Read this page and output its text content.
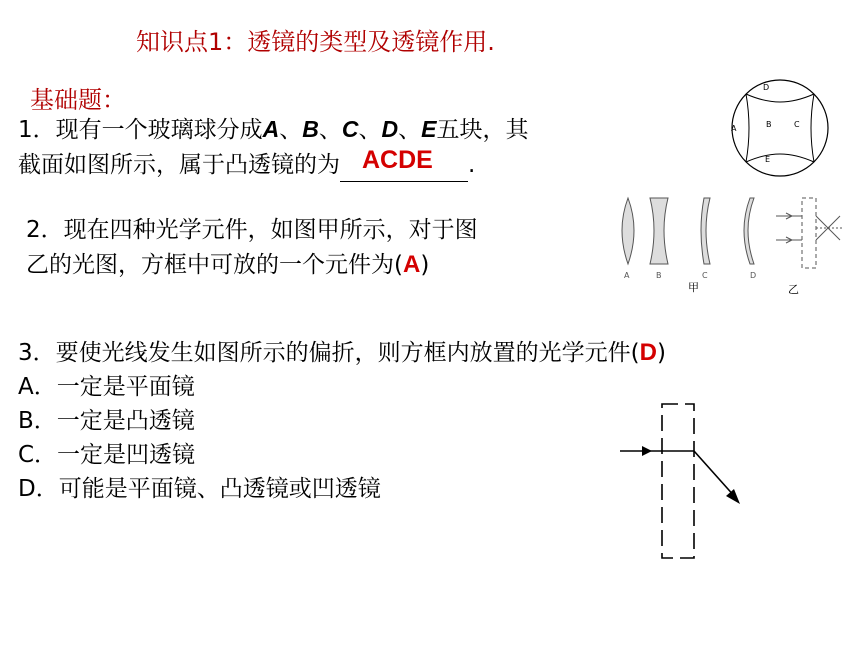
知识点1：透镜的类型及透镜作用.
基础题：
1．现有一个玻璃球分成A、B、C、D、E五块，其
截面如图所示，属于凸透镜的为 ACDE .
2．现在四种光学元件，如图甲所示，对于图
乙的光图，方框中可放的一个元件为(A)
3．要使光线发生如图所示的偏折，则方框内放置的光学元件(D)
A．一定是平面镜
B．一定是凸透镜
C．一定是凹透镜
D．可能是平面镜、凸透镜或凹透镜
D
A	B	C
E
A	B	C	D
甲	乙
